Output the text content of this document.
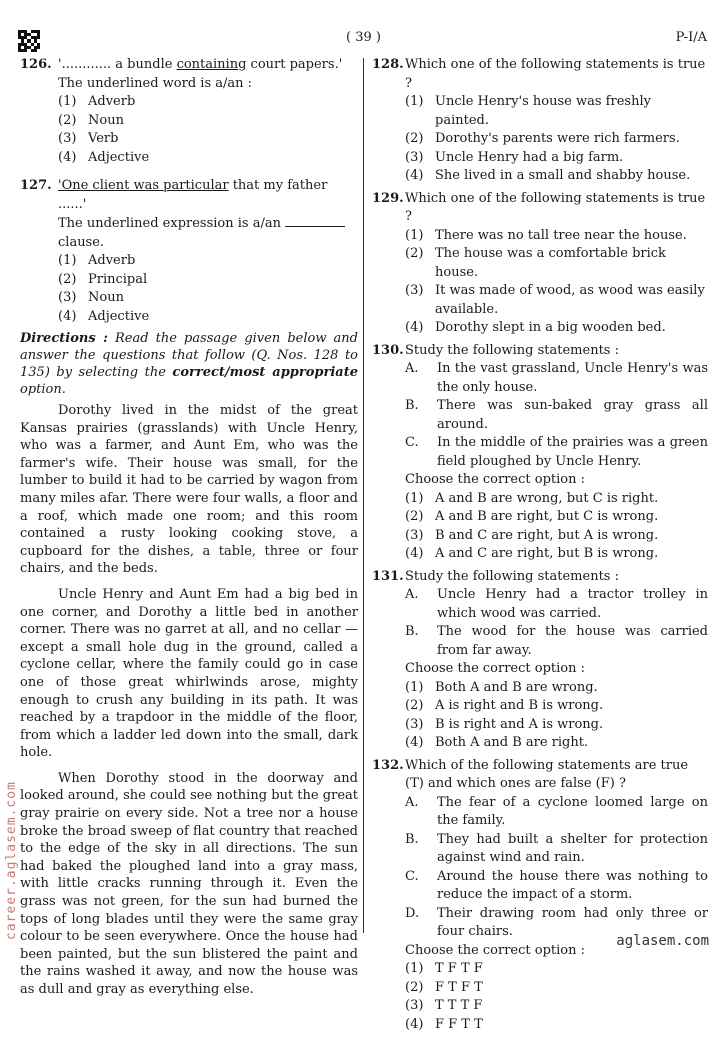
( 39 )	P-I/A
126. '............ a bundle containing court papers.'
The underlined word is a/an :
(1) Adverb
(2) Noun
(3) Verb
(4) Adjective
127. 'One client was particular that my father ......'
The underlined expression is a/an
clause.
(1) Adverb
(2) Principal
(3) Noun
(4) Adjective
Directions : Read the passage given below and answer the questions that follow (Q. Nos. 128 to 135) by selecting the correct/most appropriate option.

Dorothy lived in the midst of the great Kansas prairies (grasslands) with Uncle Henry, who was a farmer, and Aunt Em, who was the farmer's wife. Their house was small, for the lumber to build it had to be carried by wagon from many miles afar. There were four walls, a floor and a roof, which made one room; and this room contained a rusty looking cooking stove, a cupboard for the dishes, a table, three or four chairs, and the beds.

Uncle Henry and Aunt Em had a big bed in one corner, and Dorothy a little bed in another corner. There was no garret at all, and no cellar — except a small hole dug in the ground, called a cyclone cellar, where the family could go in case one of those great whirlwinds arose, mighty enough to crush any building in its path. It was reached by a trapdoor in the middle of the floor, from which a ladder led down into the small, dark hole.

When Dorothy stood in the doorway and looked around, she could see nothing but the great gray prairie on every side. Not a tree nor a house broke the broad sweep of flat country that reached to the edge of the sky in all directions. The sun had baked the ploughed land into a gray mass, with little cracks running through it. Even the grass was not green, for the sun had burned the tops of long blades until they were the same gray colour to be seen everywhere. Once the house had been painted, but the sun blistered the paint and the rains washed it away, and now the house was as dull and gray as everything else.

128. Which one of the following statements is true ?
(1) Uncle Henry's house was freshly painted.
(2) Dorothy's parents were rich farmers.
(3) Uncle Henry had a big farm.
(4) She lived in a small and shabby house.
129. Which one of the following statements is true ?
(1) There was no tall tree near the house.
(2) The house was a comfortable brick house.
(3) It was made of wood, as wood was easily available.
(4) Dorothy slept in a big wooden bed.
130. Study the following statements :
A. In the vast grassland, Uncle Henry's was the only house.
B. There was sun-baked gray grass all around.
C. In the middle of the prairies was a green field ploughed by Uncle Henry.
Choose the correct option :
(1) A and B are wrong, but C is right.
(2) A and B are right, but C is wrong.
(3) B and C are right, but A is wrong.
(4) A and C are right, but B is wrong.
131. Study the following statements :
A. Uncle Henry had a tractor trolley in which wood was carried.
B. The wood for the house was carried from far away.
Choose the correct option :
(1) Both A and B are wrong.
(2) A is right and B is wrong.
(3) B is right and A is wrong.
(4) Both A and B are right.
132. Which of the following statements are true (T) and which ones are false (F) ?
A. The fear of a cyclone loomed large on the family.
B. They had built a shelter for protection against wind and rain.
C. Around the house there was nothing to reduce the impact of a storm.
D. Their drawing room had only three or four chairs.
Choose the correct option :
(1) T F T F
(2) F T F T
(3) T T T F
(4) F F T T
career.aglasem.com
aglasem.com
